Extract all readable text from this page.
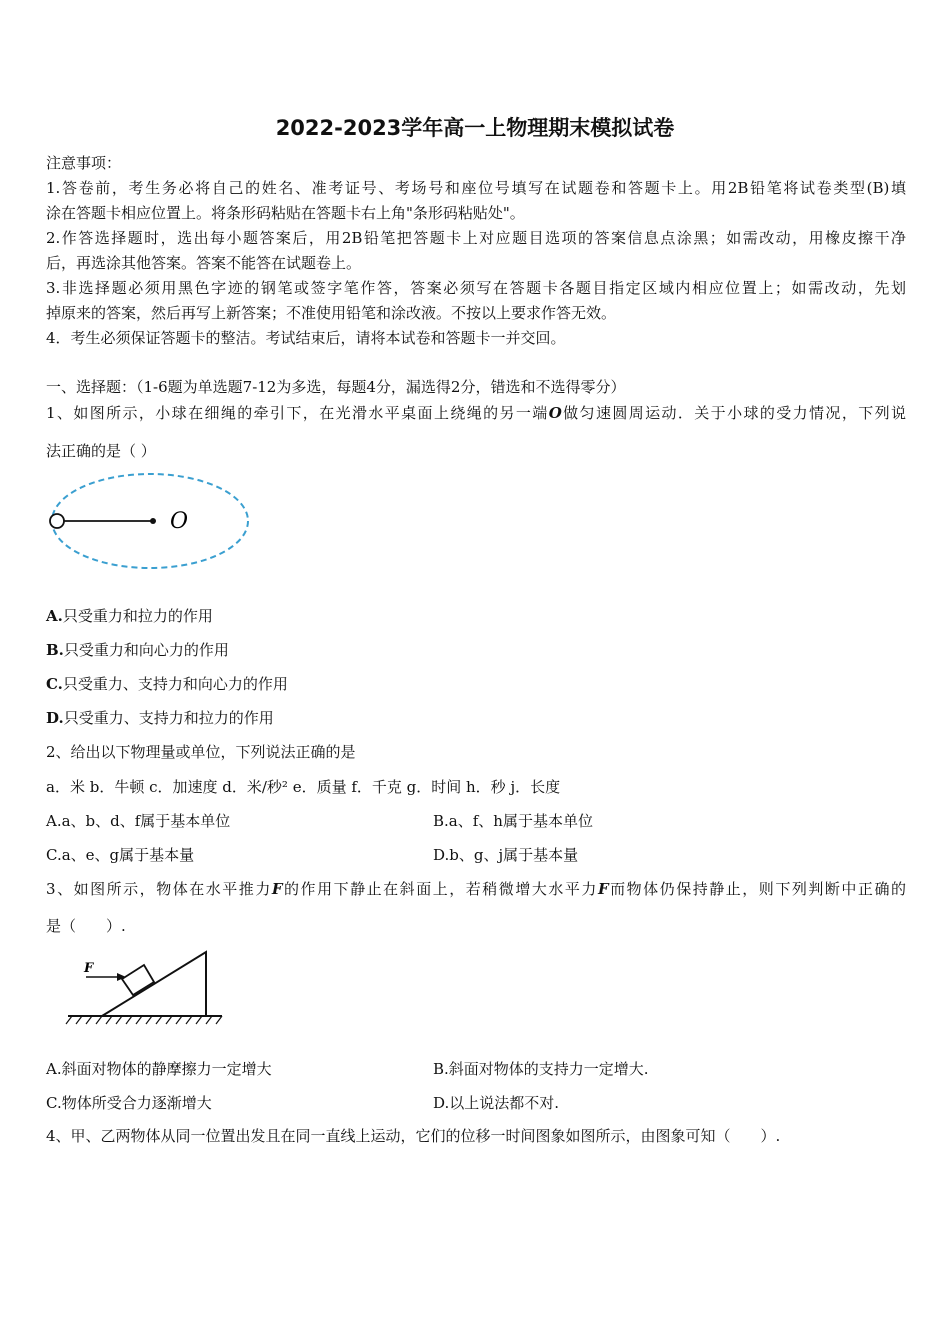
2022-2023学年高一上物理期末模拟试卷
注意事项：
1.答卷前，考生务必将自己的姓名、准考证号、考场号和座位号填写在试题卷和答题卡上。用2B铅笔将试卷类型(B)填
涂在答题卡相应位置上。将条形码粘贴在答题卡右上角"条形码粘贴处"。
2.作答选择题时，选出每小题答案后，用2B铅笔把答题卡上对应题目选项的答案信息点涂黑；如需改动，用橡皮擦干净
后，再选涂其他答案。答案不能答在试题卷上。
3.非选择题必须用黑色字迹的钢笔或签字笔作答，答案必须写在答题卡各题目指定区域内相应位置上；如需改动，先划
掉原来的答案，然后再写上新答案；不准使用铅笔和涂改液。不按以上要求作答无效。
4．考生必须保证答题卡的整洁。考试结束后，请将本试卷和答题卡一并交回。
一、选择题：（1-6题为单选题7-12为多选，每题4分，漏选得2分，错选和不选得零分）
1、如图所示，小球在细绳的牵引下，在光滑水平桌面上绕绳的另一端O做匀速圆周运动．关于小球的受力情况，下列说
法正确的是（ ）
O
A.只受重力和拉力的作用
B.只受重力和向心力的作用
C.只受重力、支持力和向心力的作用
D.只受重力、支持力和拉力的作用
2、给出以下物理量或单位，下列说法正确的是
a．米 b．牛顿 c．加速度 d．米/秒² e．质量 f．千克 g．时间 h．秒 j．长度
A.a、b、d、f属于基本单位	B.a、f、h属于基本单位
C.a、e、g属于基本量	D.b、g、j属于基本量
3、如图所示，物体在水平推力F的作用下静止在斜面上，若稍微增大水平力F而物体仍保持静止，则下列判断中正确的
是（　　）.
F
A.斜面对物体的静摩擦力一定增大	B.斜面对物体的支持力一定增大.
C.物体所受合力逐渐增大	D.以上说法都不对.
4、甲、乙两物体从同一位置出发且在同一直线上运动，它们的位移一时间图象如图所示，由图象可知（　　）.
